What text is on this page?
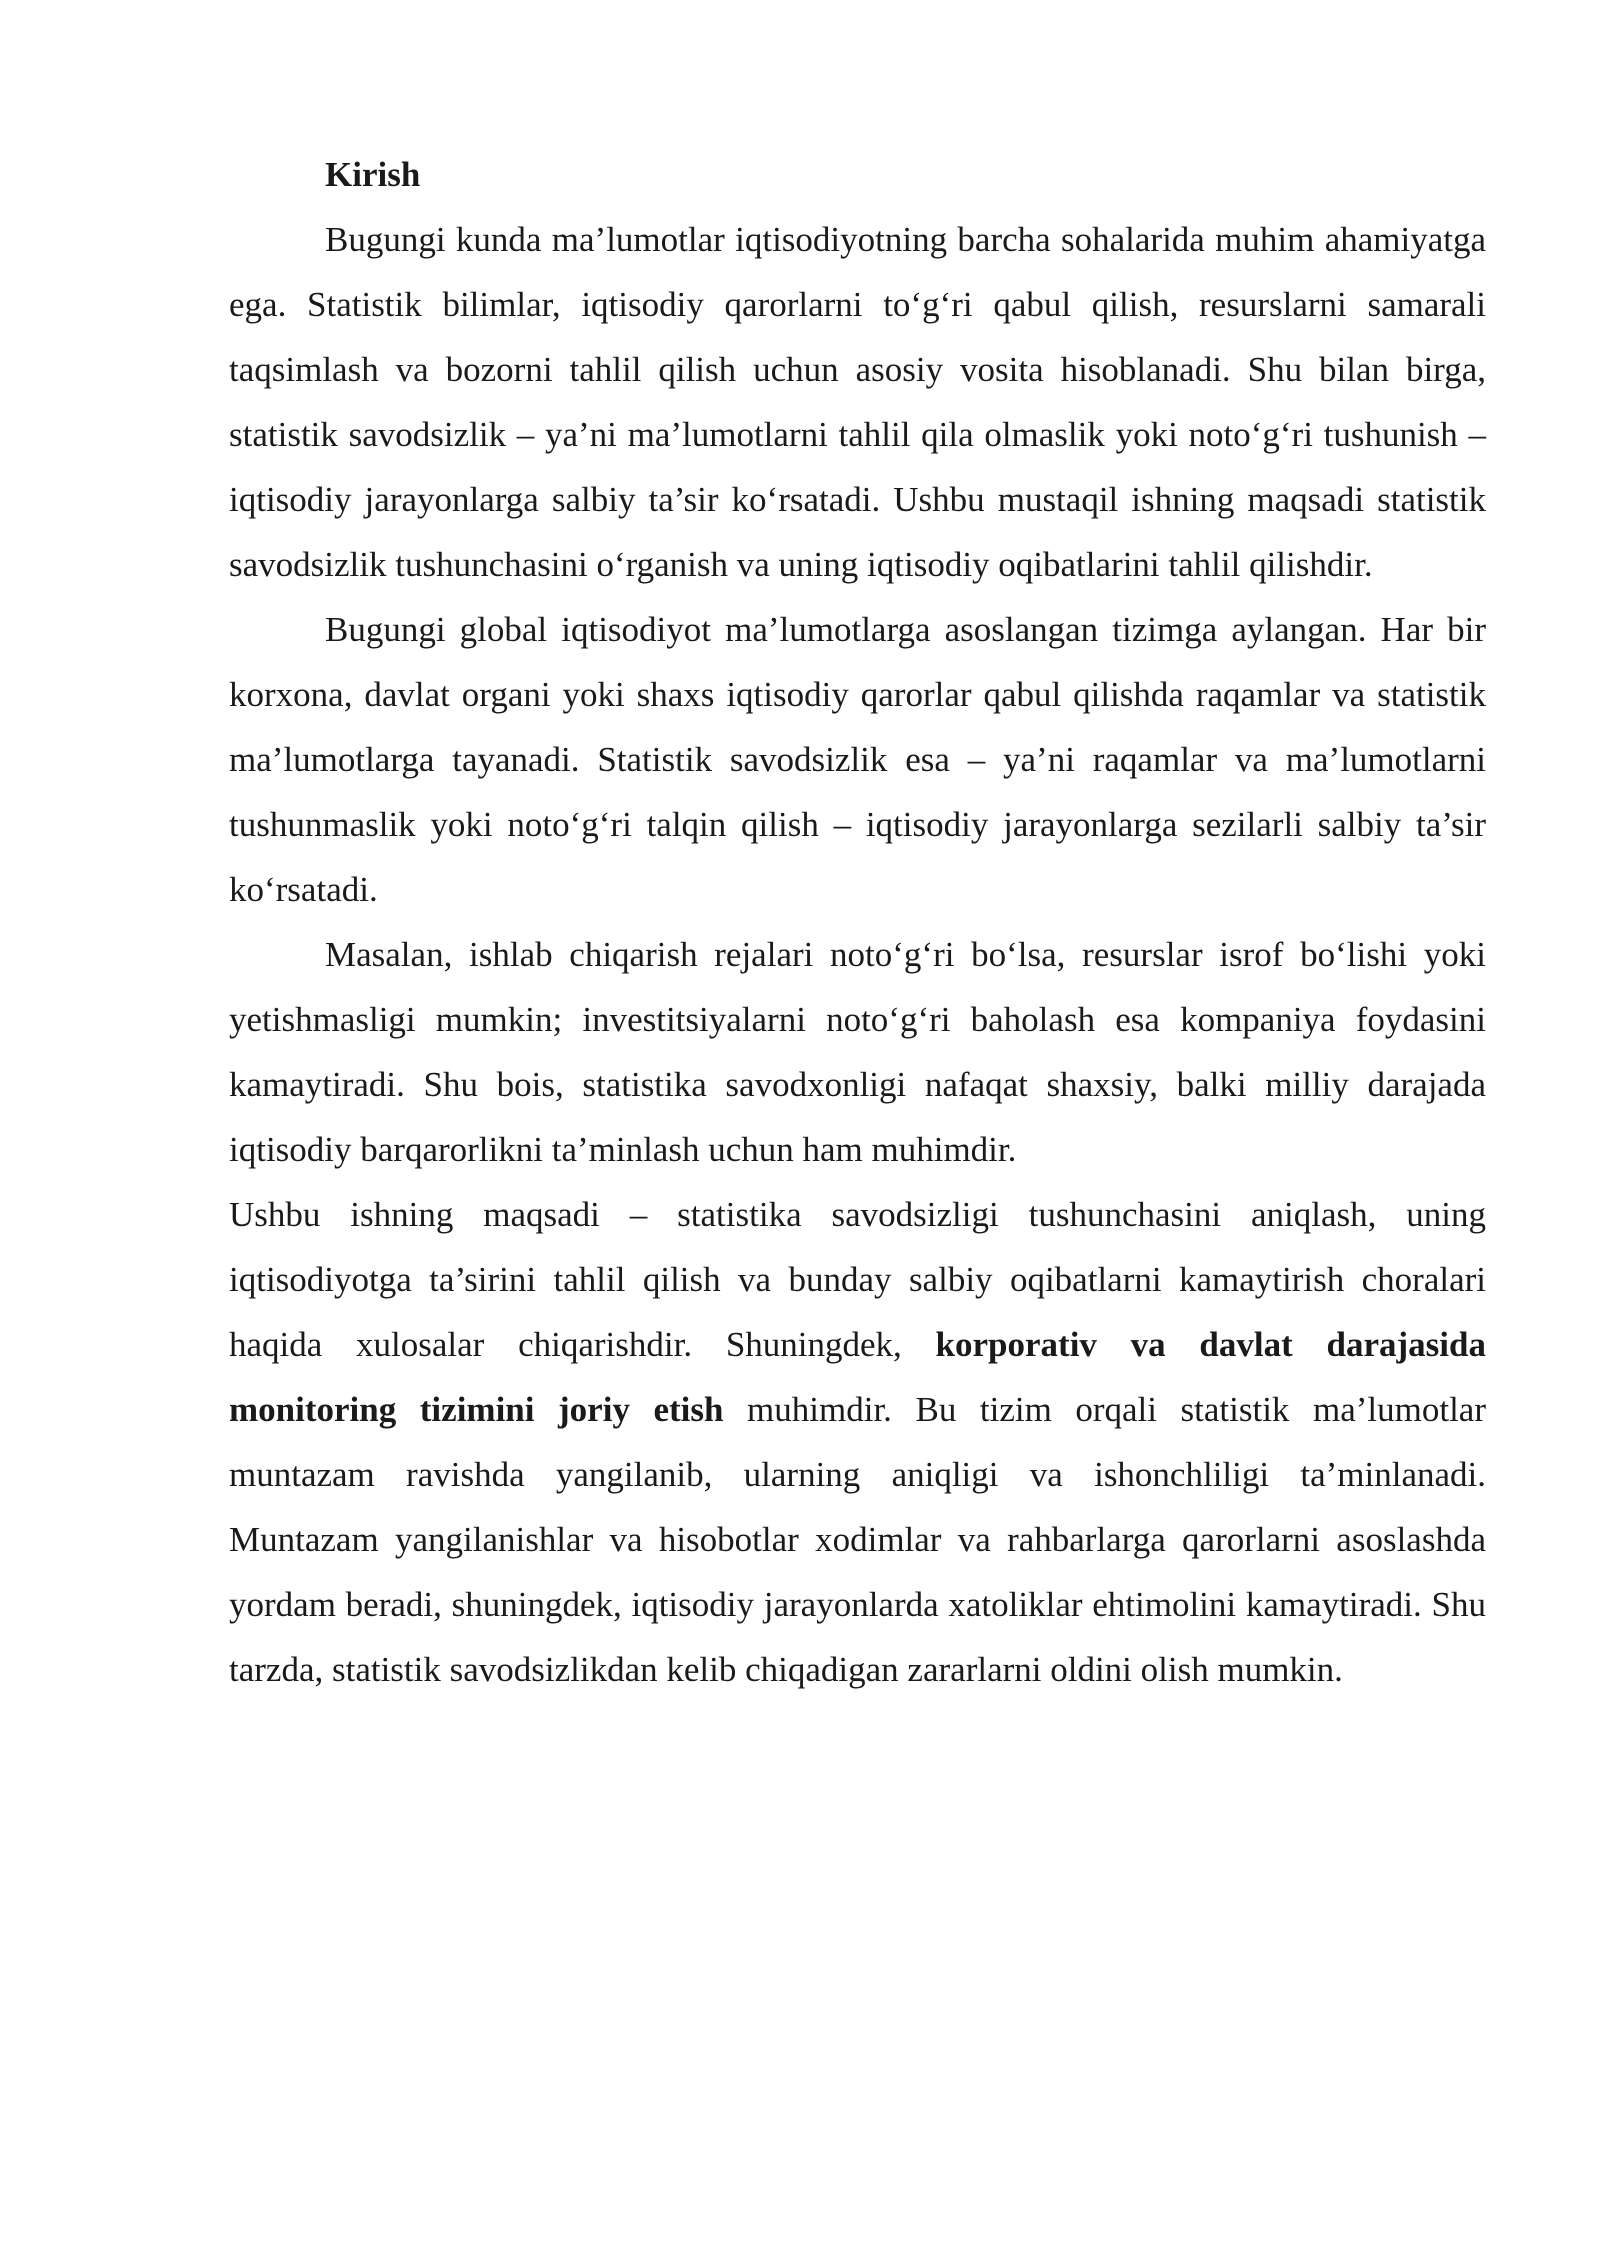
Kirish

Bugungi kunda ma’lumotlar iqtisodiyotning barcha sohalarida muhim ahamiyatga ega. Statistik bilimlar, iqtisodiy qarorlarni to‘g‘ri qabul qilish, resurslarni samarali taqsimlash va bozorni tahlil qilish uchun asosiy vosita hisoblanadi. Shu bilan birga, statistik savodsizlik – ya’ni ma’lumotlarni tahlil qila olmaslik yoki noto‘g‘ri tushunish – iqtisodiy jarayonlarga salbiy ta’sir ko‘rsatadi. Ushbu mustaqil ishning maqsadi statistik savodsizlik tushunchasini o‘rganish va uning iqtisodiy oqibatlarini tahlil qilishdir.

Bugungi global iqtisodiyot ma’lumotlarga asoslangan tizimga aylangan. Har bir korxona, davlat organi yoki shaxs iqtisodiy qarorlar qabul qilishda raqamlar va statistik ma’lumotlarga tayanadi. Statistik savodsizlik esa – ya’ni raqamlar va ma’lumotlarni tushunmaslik yoki noto‘g‘ri talqin qilish – iqtisodiy jarayonlarga sezilarli salbiy ta’sir ko‘rsatadi.

Masalan, ishlab chiqarish rejalari noto‘g‘ri bo‘lsa, resurslar isrof bo‘lishi yoki yetishmasligi mumkin; investitsiyalarni noto‘g‘ri baholash esa kompaniya foydasini kamaytiradi. Shu bois, statistika savodxonligi nafaqat shaxsiy, balki milliy darajada iqtisodiy barqarorlikni ta’minlash uchun ham muhimdir.

Ushbu ishning maqsadi – statistika savodsizligi tushunchasini aniqlash, uning iqtisodiyotga ta’sirini tahlil qilish va bunday salbiy oqibatlarni kamaytirish choralari haqida xulosalar chiqarishdir. Shuningdek, korporativ va davlat darajasida monitoring tizimini joriy etish muhimdir. Bu tizim orqali statistik ma’lumotlar muntazam ravishda yangilanib, ularning aniqligi va ishonchliligi ta’minlanadi. Muntazam yangilanishlar va hisobotlar xodimlar va rahbarlarga qarorlarni asoslashda yordam beradi, shuningdek, iqtisodiy jarayonlarda xatoliklar ehtimolini kamaytiradi. Shu tarzda, statistik savodsizlikdan kelib chiqadigan zararlarni oldini olish mumkin.
